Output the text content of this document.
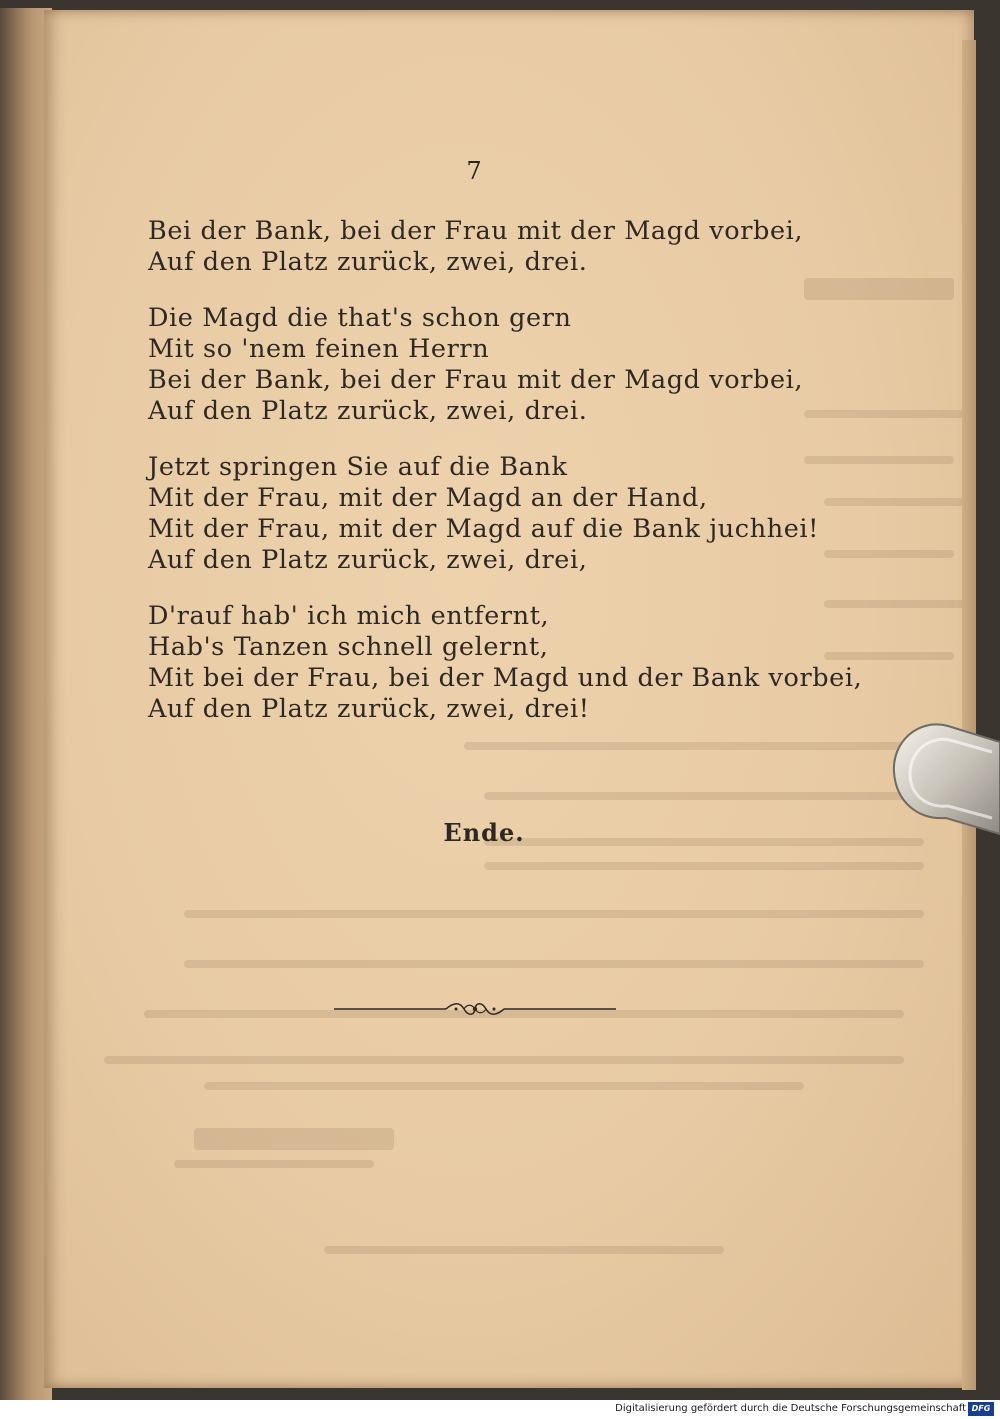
7
Bei der Bank, bei der Frau mit der Magd vorbei,
Auf den Platz zurück, zwei, drei.
Die Magd die that's schon gern
Mit so 'nem feinen Herrn
Bei der Bank, bei der Frau mit der Magd vorbei,
Auf den Platz zurück, zwei, drei.
Jetzt springen Sie auf die Bank
Mit der Frau, mit der Magd an der Hand,
Mit der Frau, mit der Magd auf die Bank juchhei!
Auf den Platz zurück, zwei, drei,
D'rauf hab' ich mich entfernt,
Hab's Tanzen schnell gelernt,
Mit bei der Frau, bei der Magd und der Bank vorbei,
Auf den Platz zurück, zwei, drei!
Ende.
Digitalisierung gefördert durch die Deutsche Forschungsgemeinschaft DFG
